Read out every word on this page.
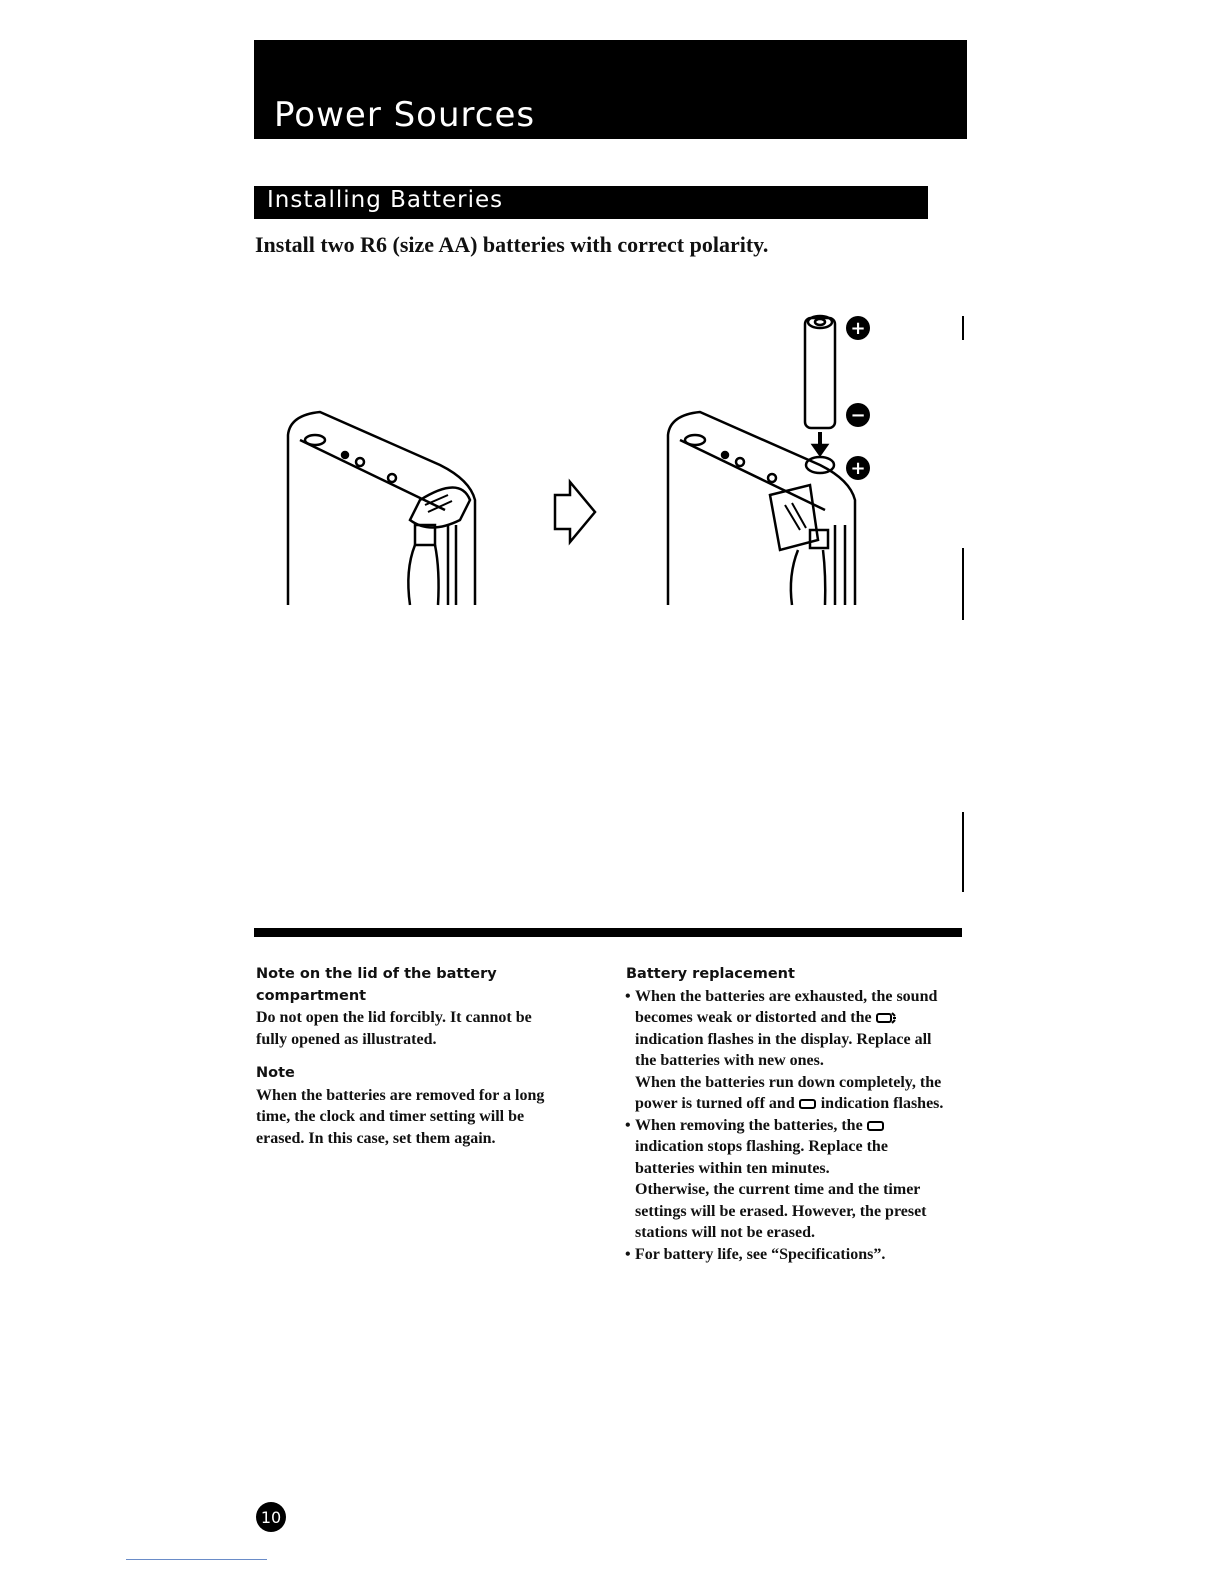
Power Sources
Installing Batteries
Install two R6 (size AA) batteries with correct polarity.
+
−
+
Note on the lid of the battery compartment

Do not open the lid forcibly. It cannot be fully opened as illustrated.

Note

When the batteries are removed for a long time, the clock and timer setting will be erased. In this case, set them again.

Battery replacement

• When the batteries are exhausted, the sound becomes weak or distorted and the  indication flashes in the display. Replace all the batteries with new ones.
When the batteries run down completely, the power is turned off and indication flashes.

• When removing the batteries, the  indication stops flashing. Replace the batteries within ten minutes.
Otherwise, the current time and the timer settings will be erased. However, the preset stations will not be erased.

• For battery life, see “Specifications”.

10
